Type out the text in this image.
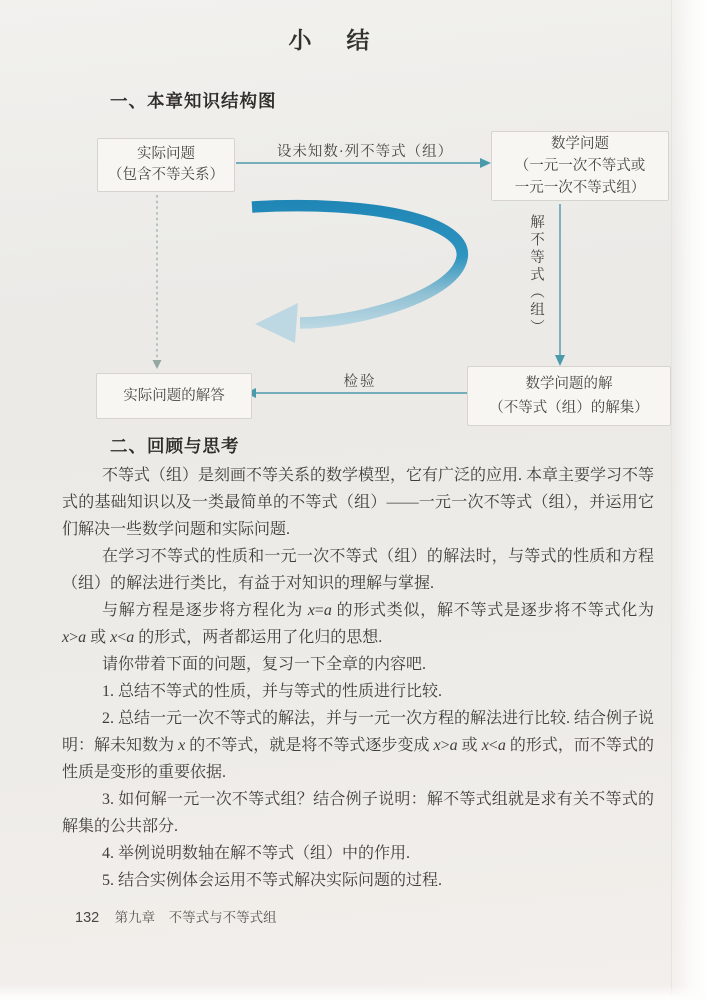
小　结
一、本章知识结构图
实际问题
（包含不等关系）
数学问题
（一元一次不等式或
一元一次不等式组）
数学问题的解
（不等式（组）的解集）
实际问题的解答
设未知数·列不等式（组）
解不等式（组）
检验
二、回顾与思考

不等式（组）是刻画不等关系的数学模型，它有广泛的应用. 本章主要学习不等式的基础知识以及一类最简单的不等式（组）——一元一次不等式（组），并运用它们解决一些数学问题和实际问题.

在学习不等式的性质和一元一次不等式（组）的解法时，与等式的性质和方程（组）的解法进行类比，有益于对知识的理解与掌握.

与解方程是逐步将方程化为 x=a 的形式类似，解不等式是逐步将不等式化为 x>a 或 x<a 的形式，两者都运用了化归的思想.

请你带着下面的问题，复习一下全章的内容吧.

1. 总结不等式的性质，并与等式的性质进行比较.

2. 总结一元一次不等式的解法，并与一元一次方程的解法进行比较. 结合例子说明：解未知数为 x 的不等式，就是将不等式逐步变成 x>a 或 x<a 的形式，而不等式的性质是变形的重要依据.

3. 如何解一元一次不等式组？结合例子说明：解不等式组就是求有关不等式的解集的公共部分.

4. 举例说明数轴在解不等式（组）中的作用.

5. 结合实例体会运用不等式解决实际问题的过程.

132 第九章　不等式与不等式组
